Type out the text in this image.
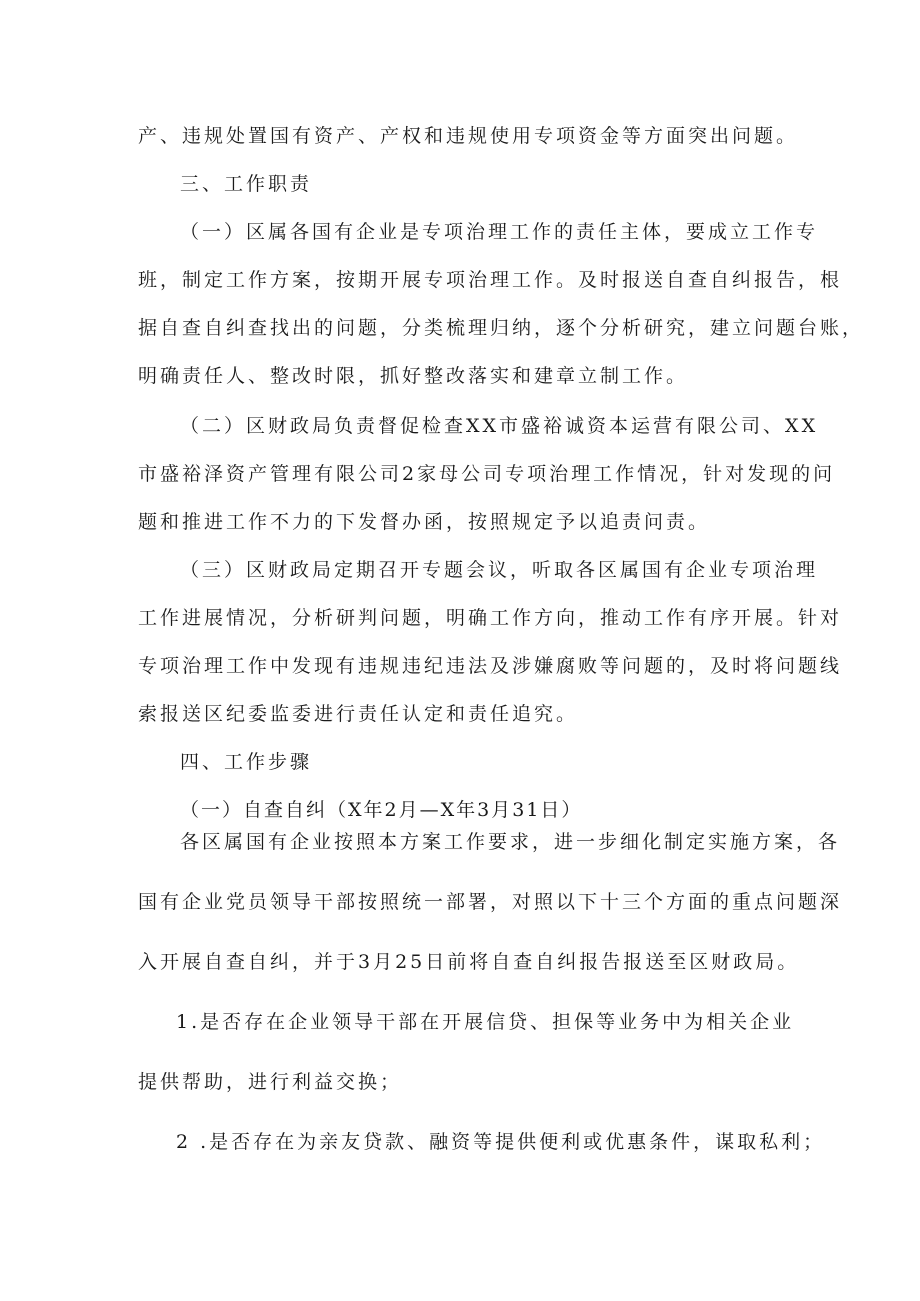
产、违规处置国有资产、产权和违规使用专项资金等方面突出问题。
三、工作职责
（一）区属各国有企业是专项治理工作的责任主体，要成立工作专
班，制定工作方案，按期开展专项治理工作。及时报送自查自纠报告，根
据自查自纠查找出的问题，分类梳理归纳，逐个分析研究，建立问题台账，
明确责任人、整改时限，抓好整改落实和建章立制工作。
（二）区财政局负责督促检查XX市盛裕诚资本运营有限公司、XX
市盛裕泽资产管理有限公司2家母公司专项治理工作情况，针对发现的问
题和推进工作不力的下发督办函，按照规定予以追责问责。
（三）区财政局定期召开专题会议，听取各区属国有企业专项治理
工作进展情况，分析研判问题，明确工作方向，推动工作有序开展。针对
专项治理工作中发现有违规违纪违法及涉嫌腐败等问题的，及时将问题线
索报送区纪委监委进行责任认定和责任追究。
四、工作步骤
（一）自查自纠（X年2月—X年3月31日）
各区属国有企业按照本方案工作要求，进一步细化制定实施方案，各
国有企业党员领导干部按照统一部署，对照以下十三个方面的重点问题深
入开展自查自纠，并于3月25日前将自查自纠报告报送至区财政局。
1.是否存在企业领导干部在开展信贷、担保等业务中为相关企业
提供帮助，进行利益交换；
2 .是否存在为亲友贷款、融资等提供便利或优惠条件，谋取私利；
